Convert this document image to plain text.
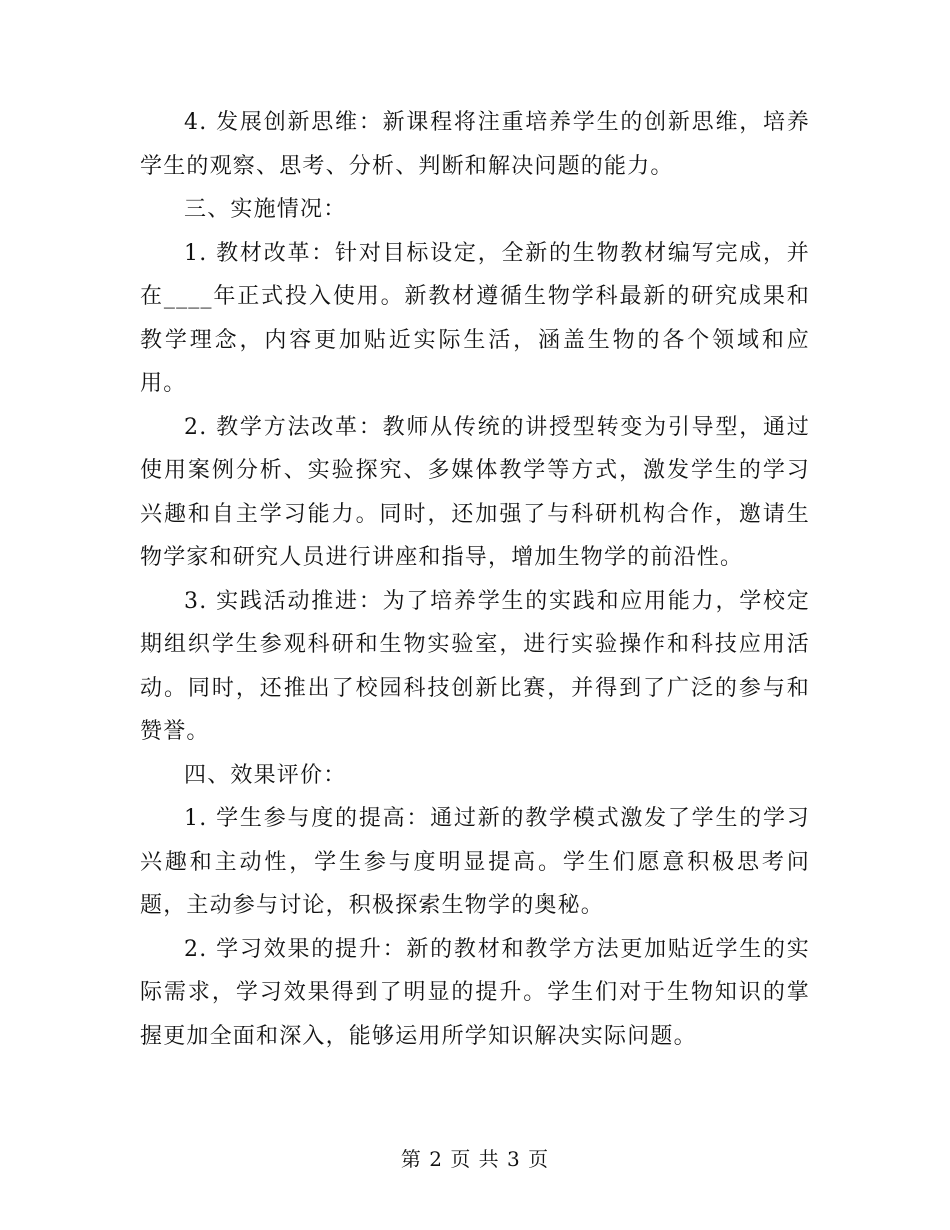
4. 发展创新思维：新课程将注重培养学生的创新思维，培养学生的观察、思考、分析、判断和解决问题的能力。

三、实施情况：

1. 教材改革：针对目标设定，全新的生物教材编写完成，并在____年正式投入使用。新教材遵循生物学科最新的研究成果和教学理念，内容更加贴近实际生活，涵盖生物的各个领域和应用。

2. 教学方法改革：教师从传统的讲授型转变为引导型，通过使用案例分析、实验探究、多媒体教学等方式，激发学生的学习兴趣和自主学习能力。同时，还加强了与科研机构合作，邀请生物学家和研究人员进行讲座和指导，增加生物学的前沿性。

3. 实践活动推进：为了培养学生的实践和应用能力，学校定期组织学生参观科研和生物实验室，进行实验操作和科技应用活动。同时，还推出了校园科技创新比赛，并得到了广泛的参与和赞誉。

四、效果评价：

1. 学生参与度的提高：通过新的教学模式激发了学生的学习兴趣和主动性，学生参与度明显提高。学生们愿意积极思考问题，主动参与讨论，积极探索生物学的奥秘。

2. 学习效果的提升：新的教材和教学方法更加贴近学生的实际需求，学习效果得到了明显的提升。学生们对于生物知识的掌握更加全面和深入，能够运用所学知识解决实际问题。

第 2 页 共 3 页
